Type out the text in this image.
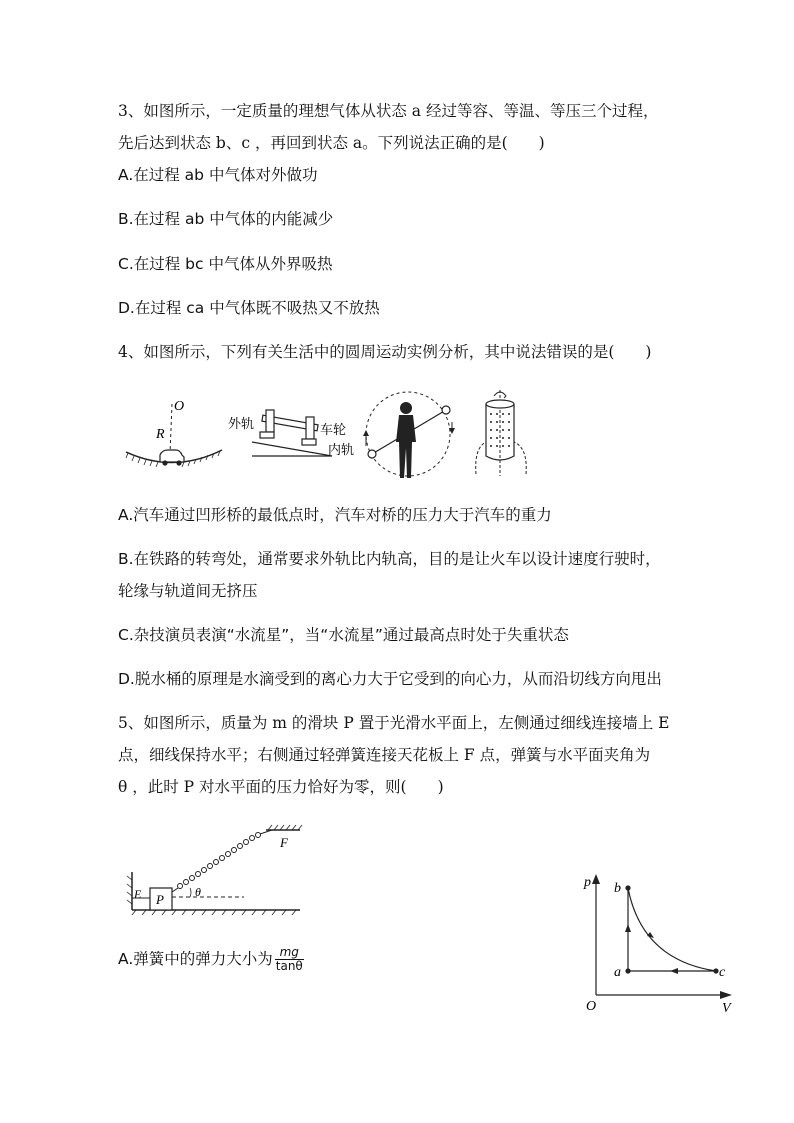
3、如图所示，一定质量的理想气体从状态 a 经过等容、等温、等压三个过程，
先后达到状态 b、c ，再回到状态 a。下列说法正确的是(　　)
A.在过程 ab 中气体对外做功
B.在过程 ab 中气体的内能减少
C.在过程 bc 中气体从外界吸热
D.在过程 ca 中气体既不吸热又不放热
4、如图所示，下列有关生活中的圆周运动实例分析，其中说法错误的是(　　)
O
R
外轨	车轮
内轨
A.汽车通过凹形桥的最低点时，汽车对桥的压力大于汽车的重力
B.在铁路的转弯处，通常要求外轨比内轨高，目的是让火车以设计速度行驶时，
轮缘与轨道间无挤压
C.杂技演员表演“水流星”，当“水流星”通过最高点时处于失重状态
D.脱水桶的原理是水滴受到的离心力大于它受到的向心力，从而沿切线方向甩出
5、如图所示，质量为 m 的滑块 P 置于光滑水平面上，左侧通过细线连接墙上 E
点，细线保持水平；右侧通过轻弹簧连接天花板上 F 点，弹簧与水平面夹角为
θ ，此时 P 对水平面的压力恰好为零，则(　　)
F
E P	θ
A.弹簧中的弹力大小为 $\frac{mg}{\tan\theta}$
p
V
O
a
b
c
